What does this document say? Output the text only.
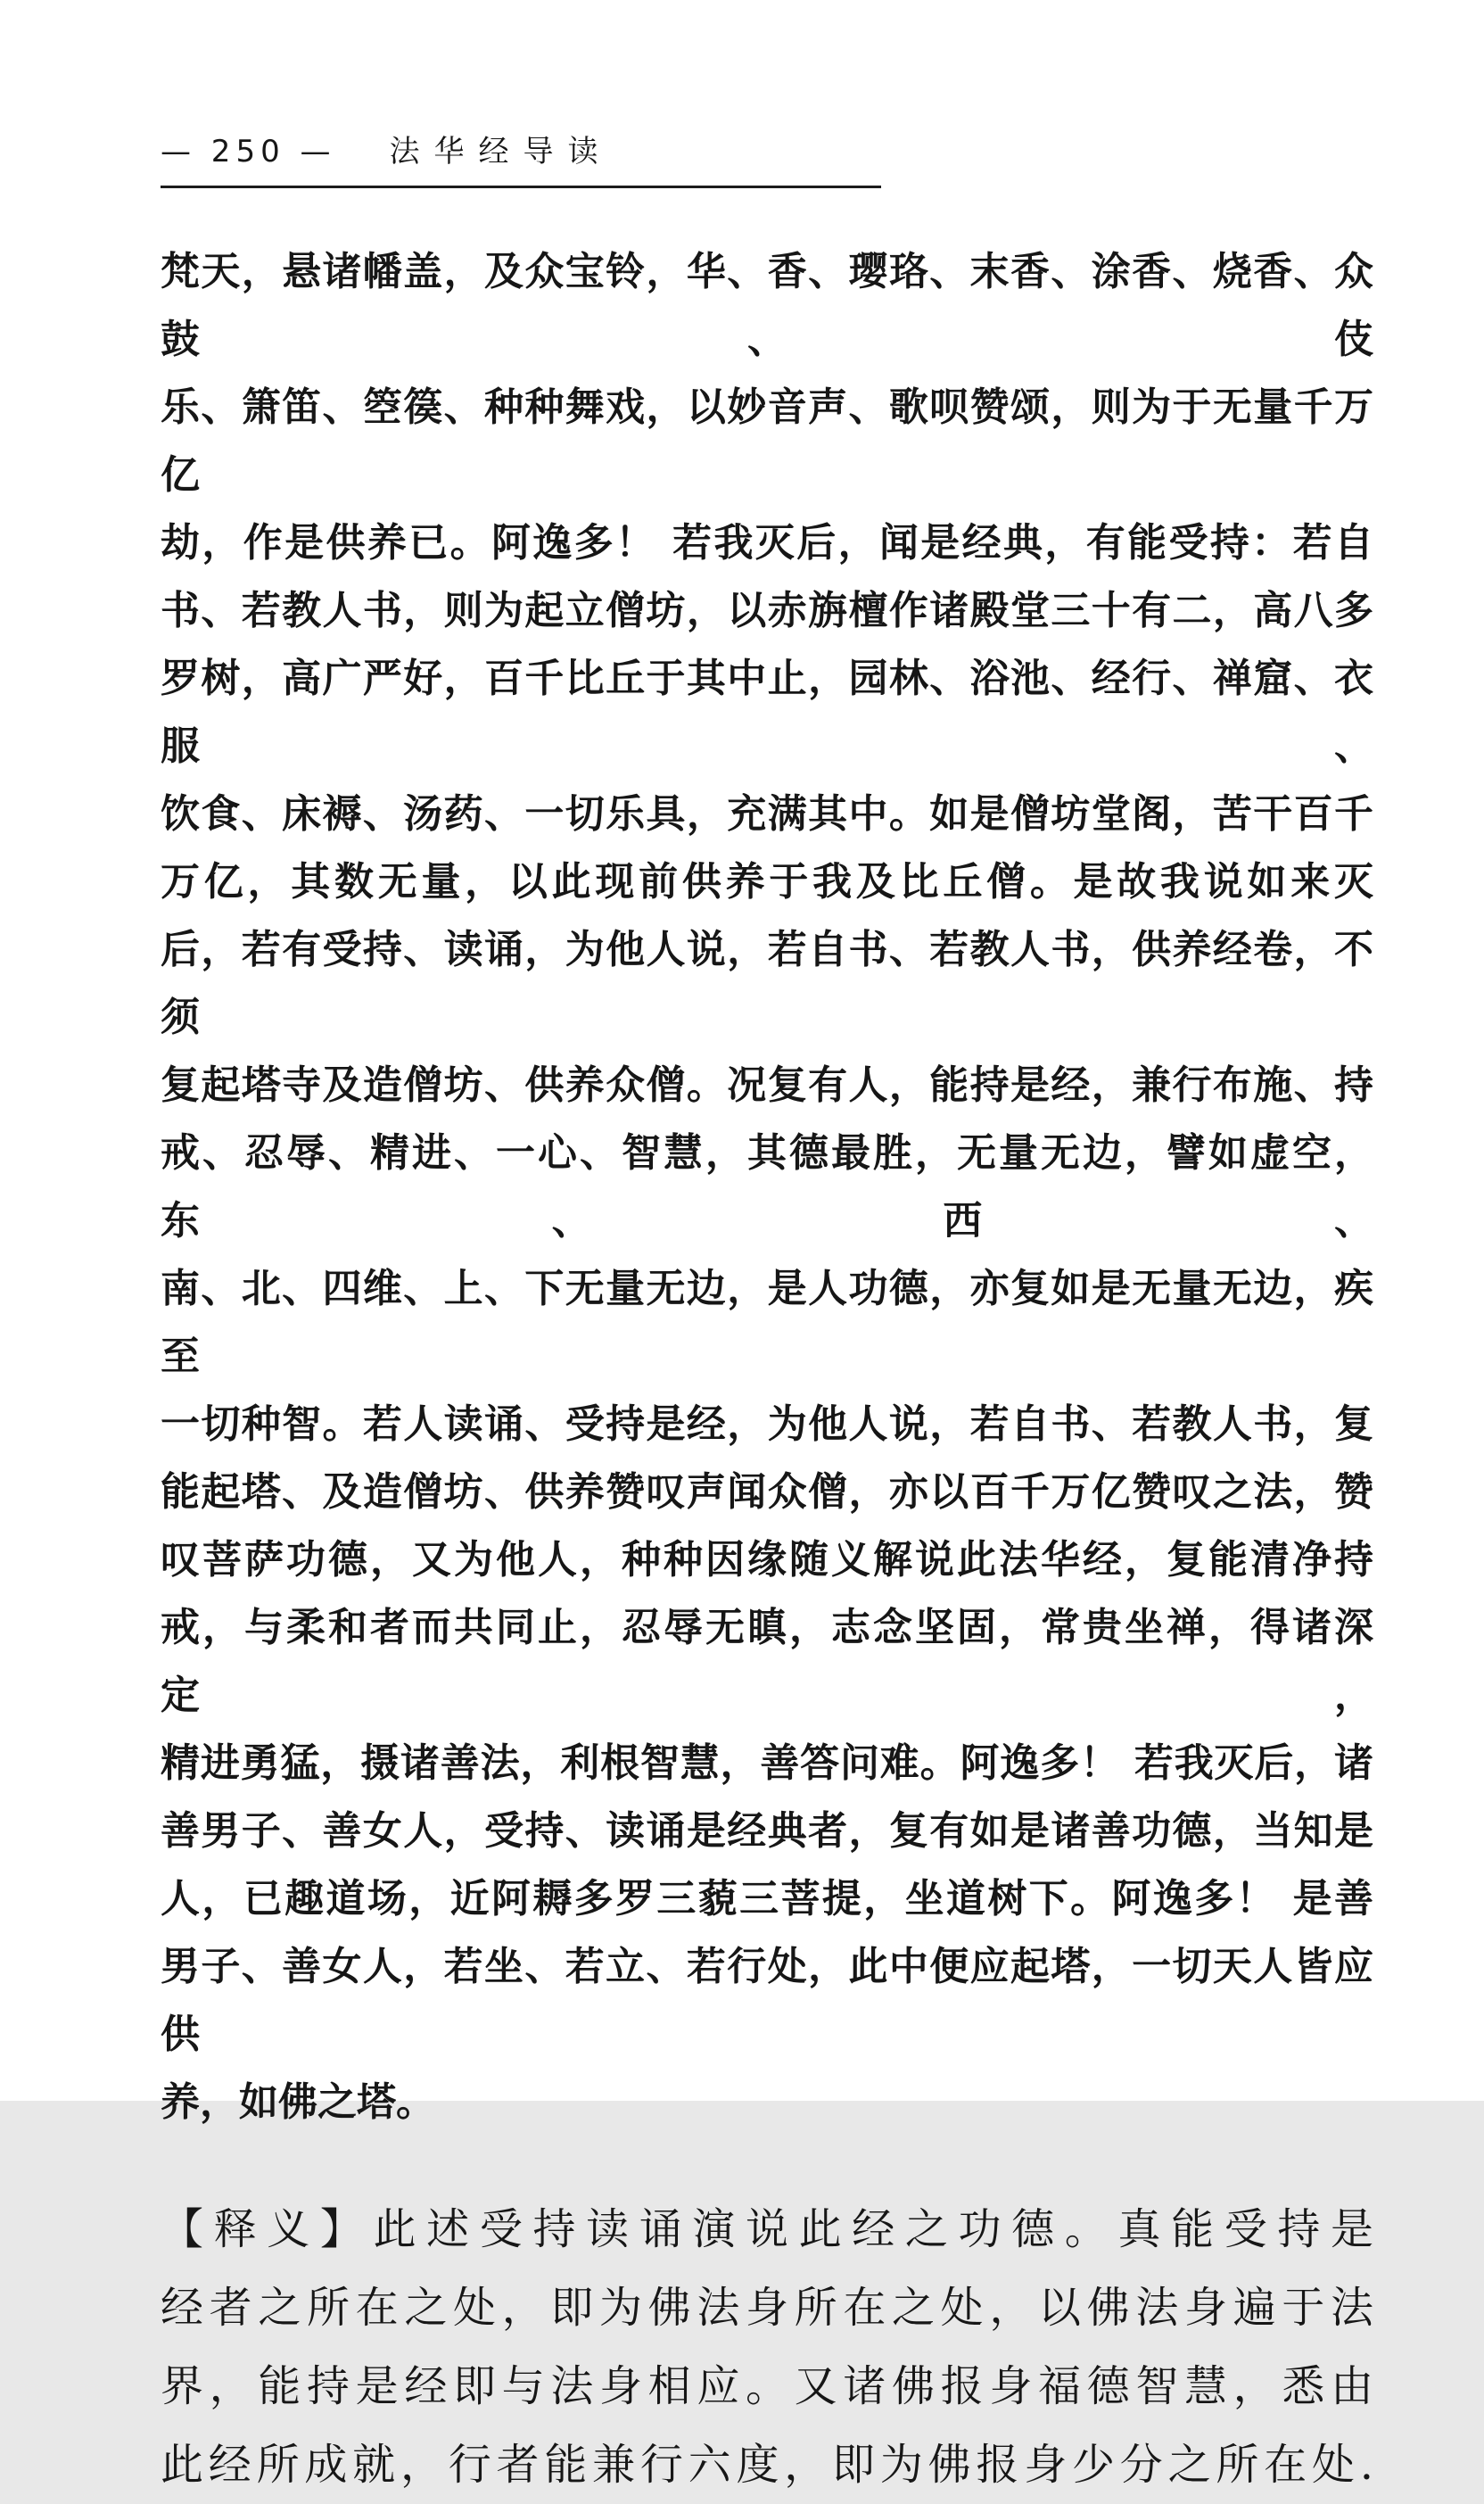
— 250 — 法华经导读
梵天，悬诸幡盖，及众宝铃，华、香、璎珞、末香、涂香、烧香、众鼓、伎
乐、箫笛、箜篌、种种舞戏，以妙音声、歌呗赞颂，则为于无量千万亿
劫，作是供养已。阿逸多！ 若我灭后，闻是经典，有能受持：若自
书、若教人书，则为起立僧坊，以赤旃檀作诸殿堂三十有二，高八多
罗树，高广严好，百千比丘于其中止，园林、浴池、经行、禅窟、衣服、
饮食、床褥、汤药、一切乐具，充满其中。如是僧坊堂阁，苦干百千
万亿，其数无量，以此现前供养于我及比丘僧。是故我说如来灭
后，若有受持、读诵，为他人说，若自书、若教人书，供养经卷，不须
复起塔寺及造僧坊、供养众僧。况复有人，能持是经，兼行布施、持
戒、忍辱、精进、一心、智慧，其德最胜，无量无边，譬如虚空，东、西、
南、北、四维、上、下无量无边，是人功德，亦复如是无量无边，疾至
一切种智。若人读诵、受持是经，为他人说，若自书、若教人书，复
能起塔、及造僧坊、供养赞叹声闻众僧，亦以百千万亿赞叹之法，赞
叹菩萨功德，又为他人，种种因缘随义解说此法华经，复能清净持
戒，与柔和者而共同止，忍辱无瞋，志念坚固，常贵坐禅，得诸深定，
精进勇猛，摄诸善法，利根智慧，善答问难。阿逸多！ 若我灭后，诸
善男子、善女人，受持、读诵是经典者，复有如是诸善功德，当知是
人，已趣道场，近阿耨多罗三藐三菩提，坐道树下。阿逸多！ 是善
男子、善女人，若坐、若立、若行处，此中便应起塔，一切天人皆应供
养，如佛之塔。
【释义】此述受持读诵演说此经之功德。真能受持是
经者之所在之处，即为佛法身所在之处，以佛法身遍于法
界，能持是经即与法身相应。又诸佛报身福德智慧，悉由
此经所成就，行者能兼行六度，即为佛报身少分之所在处.
